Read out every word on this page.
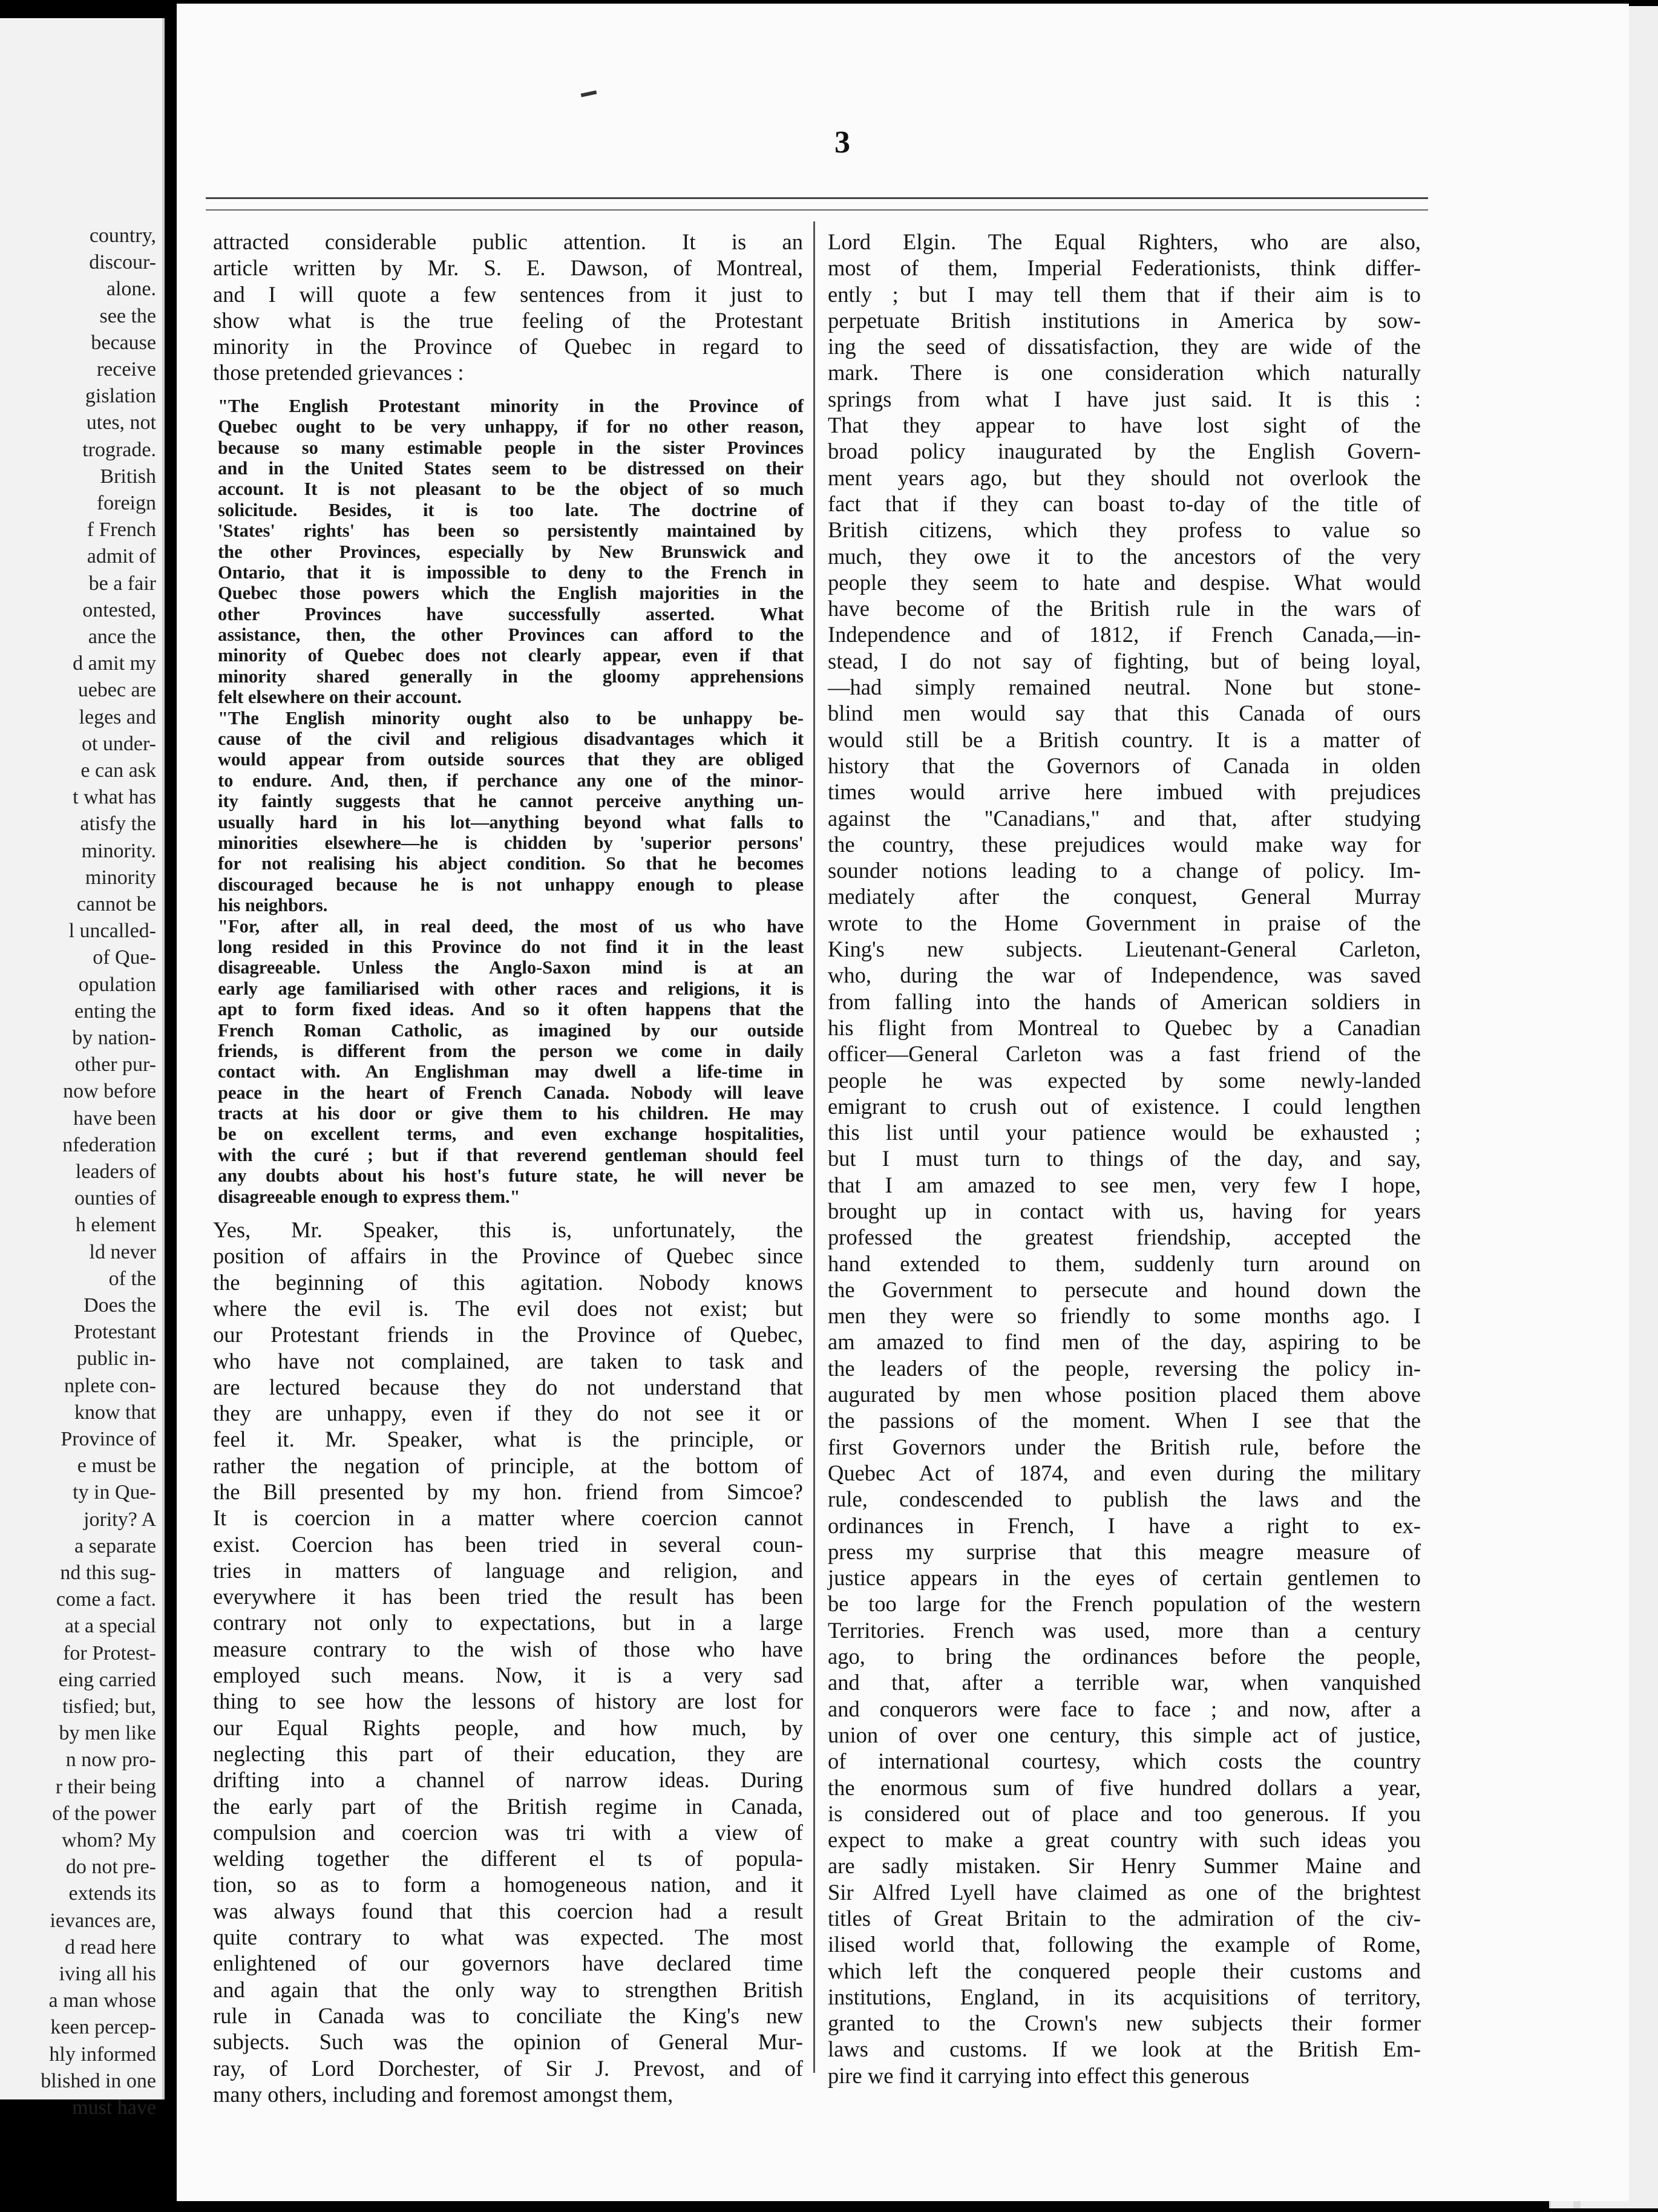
country,
discour-
alone.
see the
because
receive
gislation
utes, not
trograde.
British
foreign
f French
admit of
be a fair
ontested,
ance the
d amit my
uebec are
leges and
ot under-
e can ask
t what has
atisfy the
minority.
minority
cannot be
l uncalled-
of Que-
opulation
enting the
by nation-
other pur-
now before
have been
nfederation
leaders of
ounties of
h element
ld never
of the
Does the
Protestant
public in-
nplete con-
know that
Province of
e must be
ty in Que-
jority? A
a separate
nd this sug-
come a fact.
at a special
for Protest-
eing carried
tisfied; but,
by men like
n now pro-
r their being
of the power
whom? My
do not pre-
extends its
ievances are,
d read here
iving all his
a man whose
keen percep-
hly informed
blished in one
must have
3
attracted considerable public attention. It is an
article written by Mr. S. E. Dawson, of Montreal,
and I will quote a few sentences from it just to
show what is the true feeling of the Protestant
minority in the Province of Quebec in regard to
those pretended grievances :
"The English Protestant minority in the Province of
Quebec ought to be very unhappy, if for no other reason,
because so many estimable people in the sister Provinces
and in the United States seem to be distressed on their
account. It is not pleasant to be the object of so much
solicitude. Besides, it is too late. The doctrine of
'States' rights' has been so persistently maintained by
the other Provinces, especially by New Brunswick and
Ontario, that it is impossible to deny to the French in
Quebec those powers which the English majorities in the
other Provinces have successfully asserted. What
assistance, then, the other Provinces can afford to the
minority of Quebec does not clearly appear, even if that
minority shared generally in the gloomy apprehensions
felt elsewhere on their account.
"The English minority ought also to be unhappy be-
cause of the civil and religious disadvantages which it
would appear from outside sources that they are obliged
to endure. And, then, if perchance any one of the minor-
ity faintly suggests that he cannot perceive anything un-
usually hard in his lot—anything beyond what falls to
minorities elsewhere—he is chidden by 'superior persons'
for not realising his abject condition. So that he becomes
discouraged because he is not unhappy enough to please
his neighbors.
"For, after all, in real deed, the most of us who have
long resided in this Province do not find it in the least
disagreeable. Unless the Anglo-Saxon mind is at an
early age familiarised with other races and religions, it is
apt to form fixed ideas. And so it often happens that the
French Roman Catholic, as imagined by our outside
friends, is different from the person we come in daily
contact with. An Englishman may dwell a life-time in
peace in the heart of French Canada. Nobody will leave
tracts at his door or give them to his children. He may
be on excellent terms, and even exchange hospitalities,
with the curé ; but if that reverend gentleman should feel
any doubts about his host's future state, he will never be
disagreeable enough to express them."
Yes, Mr. Speaker, this is, unfortunately, the
position of affairs in the Province of Quebec since
the beginning of this agitation. Nobody knows
where the evil is. The evil does not exist; but
our Protestant friends in the Province of Quebec,
who have not complained, are taken to task and
are lectured because they do not understand that
they are unhappy, even if they do not see it or
feel it. Mr. Speaker, what is the principle, or
rather the negation of principle, at the bottom of
the Bill presented by my hon. friend from Simcoe?
It is coercion in a matter where coercion cannot
exist. Coercion has been tried in several coun-
tries in matters of language and religion, and
everywhere it has been tried the result has been
contrary not only to expectations, but in a large
measure contrary to the wish of those who have
employed such means. Now, it is a very sad
thing to see how the lessons of history are lost for
our Equal Rights people, and how much, by
neglecting this part of their education, they are
drifting into a channel of narrow ideas. During
the early part of the British regime in Canada,
compulsion and coercion was tri with a view of
welding together the different el ts of popula-
tion, so as to form a homogeneous nation, and it
was always found that this coercion had a result
quite contrary to what was expected. The most
enlightened of our governors have declared time
and again that the only way to strengthen British
rule in Canada was to conciliate the King's new
subjects. Such was the opinion of General Mur-
ray, of Lord Dorchester, of Sir J. Prevost, and of
many others, including and foremost amongst them,
Lord Elgin. The Equal Righters, who are also,
most of them, Imperial Federationists, think differ-
ently ; but I may tell them that if their aim is to
perpetuate British institutions in America by sow-
ing the seed of dissatisfaction, they are wide of the
mark. There is one consideration which naturally
springs from what I have just said. It is this :
That they appear to have lost sight of the
broad policy inaugurated by the English Govern-
ment years ago, but they should not overlook the
fact that if they can boast to-day of the title of
British citizens, which they profess to value so
much, they owe it to the ancestors of the very
people they seem to hate and despise. What would
have become of the British rule in the wars of
Independence and of 1812, if French Canada,—in-
stead, I do not say of fighting, but of being loyal,
—had simply remained neutral. None but stone-
blind men would say that this Canada of ours
would still be a British country. It is a matter of
history that the Governors of Canada in olden
times would arrive here imbued with prejudices
against the "Canadians," and that, after studying
the country, these prejudices would make way for
sounder notions leading to a change of policy. Im-
mediately after the conquest, General Murray
wrote to the Home Government in praise of the
King's new subjects. Lieutenant-General Carleton,
who, during the war of Independence, was saved
from falling into the hands of American soldiers in
his flight from Montreal to Quebec by a Canadian
officer—General Carleton was a fast friend of the
people he was expected by some newly-landed
emigrant to crush out of existence. I could lengthen
this list until your patience would be exhausted ;
but I must turn to things of the day, and say,
that I am amazed to see men, very few I hope,
brought up in contact with us, having for years
professed the greatest friendship, accepted the
hand extended to them, suddenly turn around on
the Government to persecute and hound down the
men they were so friendly to some months ago. I
am amazed to find men of the day, aspiring to be
the leaders of the people, reversing the policy in-
augurated by men whose position placed them above
the passions of the moment. When I see that the
first Governors under the British rule, before the
Quebec Act of 1874, and even during the military
rule, condescended to publish the laws and the
ordinances in French, I have a right to ex-
press my surprise that this meagre measure of
justice appears in the eyes of certain gentlemen to
be too large for the French population of the western
Territories. French was used, more than a century
ago, to bring the ordinances before the people,
and that, after a terrible war, when vanquished
and conquerors were face to face ; and now, after a
union of over one century, this simple act of justice,
of international courtesy, which costs the country
the enormous sum of five hundred dollars a year,
is considered out of place and too generous. If you
expect to make a great country with such ideas you
are sadly mistaken. Sir Henry Summer Maine and
Sir Alfred Lyell have claimed as one of the brightest
titles of Great Britain to the admiration of the civ-
ilised world that, following the example of Rome,
which left the conquered people their customs and
institutions, England, in its acquisitions of territory,
granted to the Crown's new subjects their former
laws and customs. If we look at the British Em-
pire we find it carrying into effect this generous
